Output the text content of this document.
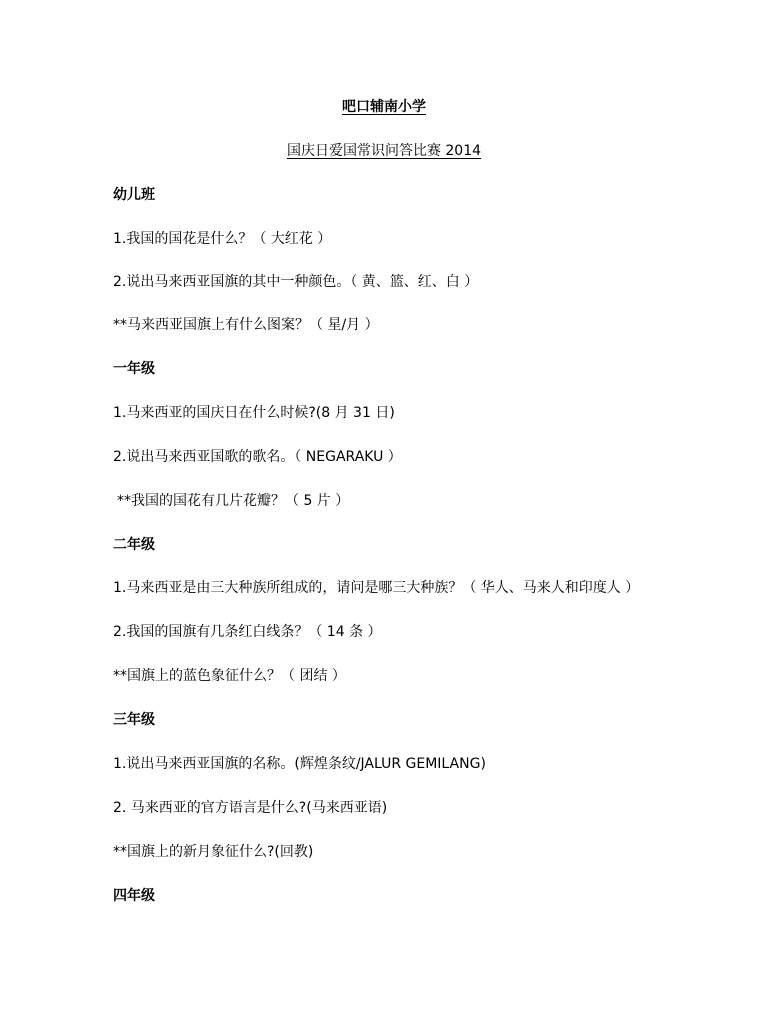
吧口辅南小学
国庆日爱国常识问答比赛 2014
幼儿班
1.我国的国花是什么？（ 大红花 ）
2.说出马来西亚国旗的其中一种颜色。（ 黄、篮、红、白 ）
**马来西亚国旗上有什么图案？（ 星/月 ）
一年级
1.马来西亚的国庆日在什么时候?(8 月 31 日)
2.说出马来西亚国歌的歌名。（ NEGARAKU ）
**我国的国花有几片花瓣？（ 5 片 ）
二年级
1.马来西亚是由三大种族所组成的，请问是哪三大种族？（ 华人、马来人和印度人 ）
2.我国的国旗有几条红白线条？（ 14 条 ）
**国旗上的蓝色象征什么？（ 团结 ）
三年级
1.说出马来西亚国旗的名称。(辉煌条纹/JALUR GEMILANG)
2. 马来西亚的官方语言是什么?(马来西亚语)
**国旗上的新月象征什么?(回教)
四年级
